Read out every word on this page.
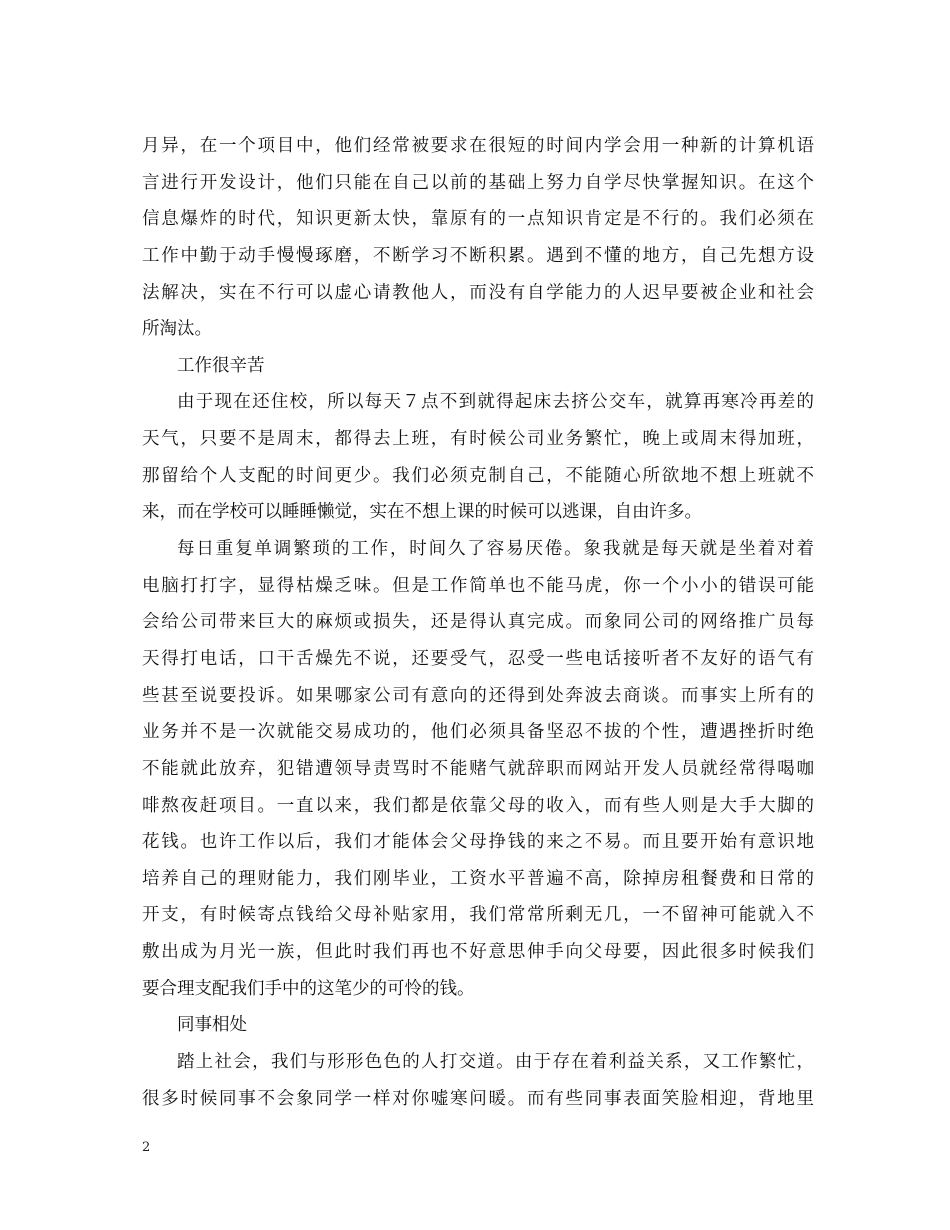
月异，在一个项目中，他们经常被要求在很短的时间内学会用一种新的计算机语
言进行开发设计，他们只能在自己以前的基础上努力自学尽快掌握知识。在这个
信息爆炸的时代，知识更新太快，靠原有的一点知识肯定是不行的。我们必须在
工作中勤于动手慢慢琢磨，不断学习不断积累。遇到不懂的地方，自己先想方设
法解决，实在不行可以虚心请教他人，而没有自学能力的人迟早要被企业和社会
所淘汰。
工作很辛苦
由于现在还住校，所以每天７点不到就得起床去挤公交车，就算再寒冷再差的
天气，只要不是周末，都得去上班，有时候公司业务繁忙，晚上或周末得加班，
那留给个人支配的时间更少。我们必须克制自己，不能随心所欲地不想上班就不
来，而在学校可以睡睡懒觉，实在不想上课的时候可以逃课，自由许多。
每日重复单调繁琐的工作，时间久了容易厌倦。象我就是每天就是坐着对着
电脑打打字，显得枯燥乏味。但是工作简单也不能马虎，你一个小小的错误可能
会给公司带来巨大的麻烦或损失，还是得认真完成。而象同公司的网络推广员每
天得打电话，口干舌燥先不说，还要受气，忍受一些电话接听者不友好的语气有
些甚至说要投诉。如果哪家公司有意向的还得到处奔波去商谈。而事实上所有的
业务并不是一次就能交易成功的，他们必须具备坚忍不拔的个性，遭遇挫折时绝
不能就此放弃，犯错遭领导责骂时不能赌气就辞职而网站开发人员就经常得喝咖
啡熬夜赶项目。一直以来，我们都是依靠父母的收入，而有些人则是大手大脚的
花钱。也许工作以后，我们才能体会父母挣钱的来之不易。而且要开始有意识地
培养自己的理财能力，我们刚毕业，工资水平普遍不高，除掉房租餐费和日常的
开支，有时候寄点钱给父母补贴家用，我们常常所剩无几，一不留神可能就入不
敷出成为月光一族，但此时我们再也不好意思伸手向父母要，因此很多时候我们
要合理支配我们手中的这笔少的可怜的钱。
同事相处
踏上社会，我们与形形色色的人打交道。由于存在着利益关系，又工作繁忙，
很多时候同事不会象同学一样对你嘘寒问暖。而有些同事表面笑脸相迎，背地里
2
